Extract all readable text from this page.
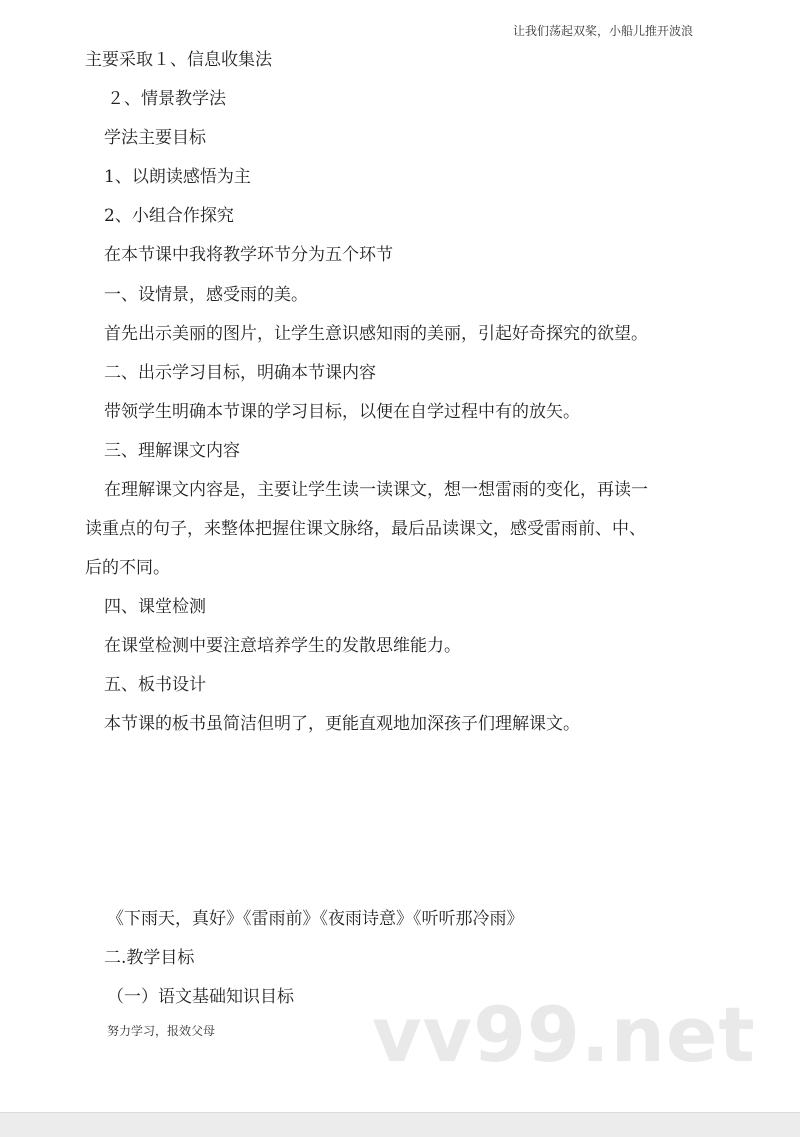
让我们荡起双桨，小船儿推开波浪
主要采取１、信息收集法
２、情景教学法
学法主要目标
1、以朗读感悟为主
2、小组合作探究
在本节课中我将教学环节分为五个环节
一、设情景，感受雨的美。
首先出示美丽的图片，让学生意识感知雨的美丽，引起好奇探究的欲望。
二、出示学习目标，明确本节课内容
带领学生明确本节课的学习目标，以便在自学过程中有的放矢。
三、理解课文内容
在理解课文内容是，主要让学生读一读课文，想一想雷雨的变化，再读一
读重点的句子，来整体把握住课文脉络，最后品读课文，感受雷雨前、中、
后的不同。
四、课堂检测
在课堂检测中要注意培养学生的发散思维能力。
五、板书设计
本节课的板书虽简洁但明了，更能直观地加深孩子们理解课文。
《下雨天，真好》《雷雨前》《夜雨诗意》《听听那冷雨》
二.教学目标
（一）语文基础知识目标 vv99.net
努力学习，报效父母
